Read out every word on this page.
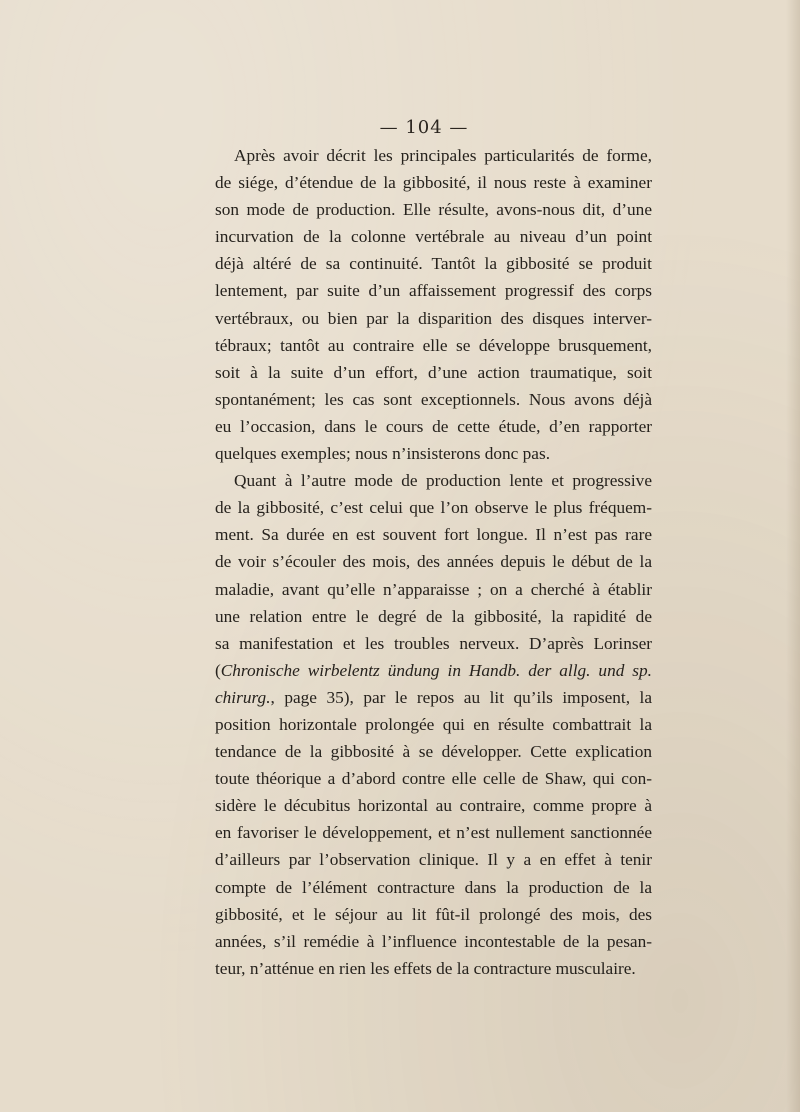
— 104 —
Après avoir décrit les principales particularités de forme,
de siége, d’étendue de la gibbosité, il nous reste à examiner
son mode de production. Elle résulte, avons-nous dit, d’une
incurvation de la colonne vertébrale au niveau d’un point
déjà altéré de sa continuité. Tantôt la gibbosité se produit
lentement, par suite d’un affaissement progressif des corps
vertébraux, ou bien par la disparition des disques interver-
tébraux; tantôt au contraire elle se développe brusquement,
soit à la suite d’un effort, d’une action traumatique, soit
spontanément; les cas sont exceptionnels. Nous avons déjà
eu l’occasion, dans le cours de cette étude, d’en rapporter
quelques exemples; nous n’insisterons donc pas.
Quant à l’autre mode de production lente et progressive
de la gibbosité, c’est celui que l’on observe le plus fréquem-
ment. Sa durée en est souvent fort longue. Il n’est pas rare
de voir s’écouler des mois, des années depuis le début de la
maladie, avant qu’elle n’apparaisse ; on a cherché à établir
une relation entre le degré de la gibbosité, la rapidité de
sa manifestation et les troubles nerveux. D’après Lorinser
(Chronische wirbelentz ündung in Handb. der allg. und sp.
chirurg., page 35), par le repos au lit qu’ils imposent, la
position horizontale prolongée qui en résulte combattrait la
tendance de la gibbosité à se développer. Cette explication
toute théorique a d’abord contre elle celle de Shaw, qui con-
sidère le décubitus horizontal au contraire, comme propre à
en favoriser le développement, et n’est nullement sanctionnée
d’ailleurs par l’observation clinique. Il y a en effet à tenir
compte de l’élément contracture dans la production de la
gibbosité, et le séjour au lit fût-il prolongé des mois, des
années, s’il remédie à l’influence incontestable de la pesan-
teur, n’atténue en rien les effets de la contracture musculaire.
